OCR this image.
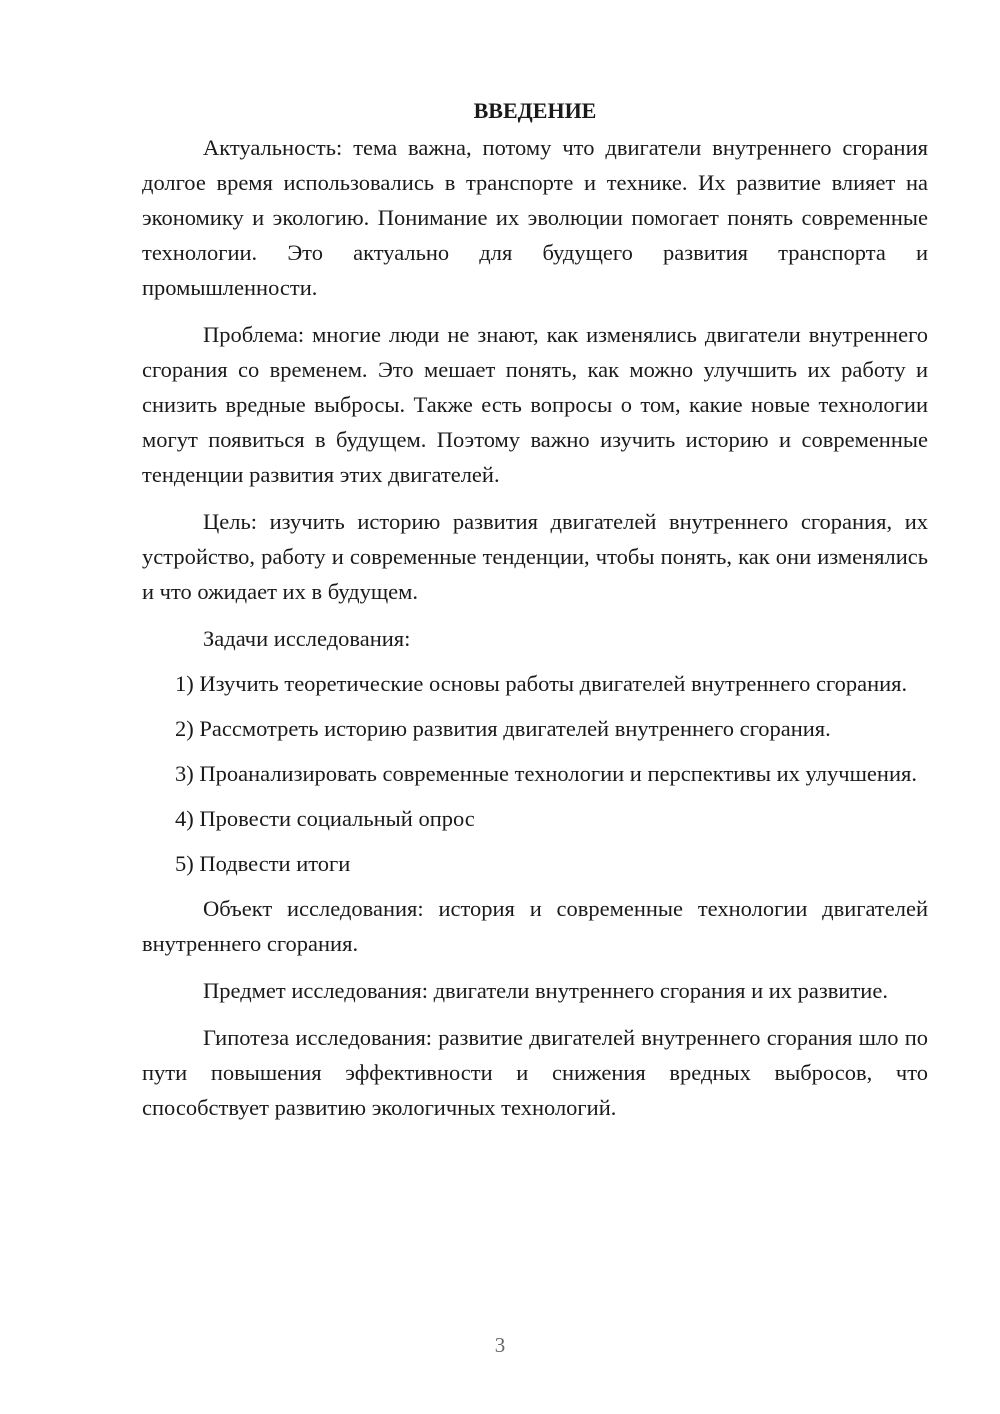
ВВЕДЕНИЕ

Актуальность: тема важна, потому что двигатели внутреннего сгорания долгое время использовались в транспорте и технике. Их развитие влияет на экономику и экологию. Понимание их эволюции помогает понять современные технологии. Это актуально для будущего развития транспорта и промышленности.

Проблема: многие люди не знают, как изменялись двигатели внутреннего сгорания со временем. Это мешает понять, как можно улучшить их работу и снизить вредные выбросы. Также есть вопросы о том, какие новые технологии могут появиться в будущем. Поэтому важно изучить историю и современные тенденции развития этих двигателей.

Цель: изучить историю развития двигателей внутреннего сгорания, их устройство, работу и современные тенденции, чтобы понять, как они изменялись и что ожидает их в будущем.

Задачи исследования:

1) Изучить теоретические основы работы двигателей внутреннего сгорания.

2) Рассмотреть историю развития двигателей внутреннего сгорания.

3) Проанализировать современные технологии и перспективы их улучшения.

4) Провести социальный опрос

5) Подвести итоги

Объект исследования: история и современные технологии двигателей внутреннего сгорания.

Предмет исследования: двигатели внутреннего сгорания и их развитие.

Гипотеза исследования: развитие двигателей внутреннего сгорания шло по пути повышения эффективности и снижения вредных выбросов, что способствует развитию экологичных технологий.

3
